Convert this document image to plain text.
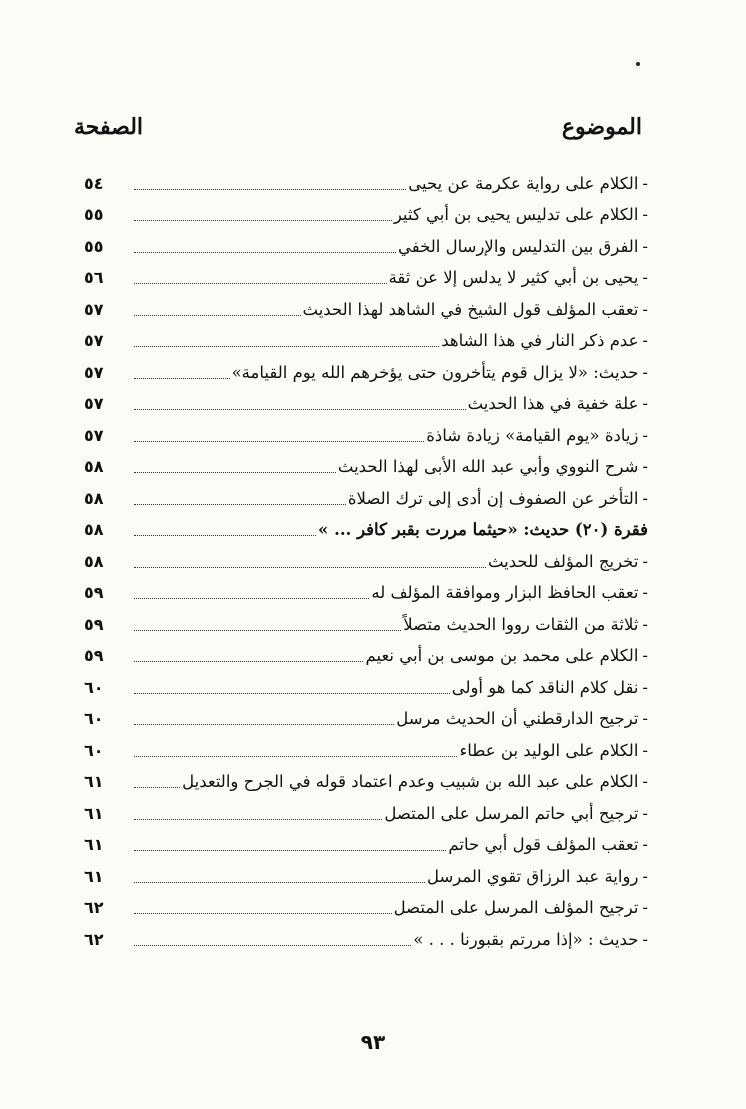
الموضوع
الصفحة
-الكلام على رواية عكرمة عن يحيى
٥٤
-الكلام على تدليس يحيى بن أبي كثير
٥٥
-الفرق بين التدليس والإرسال الخفي
٥٥
-يحيى بن أبي كثير لا يدلس إلا عن ثقة
٥٦
-تعقب المؤلف قول الشيخ في الشاهد لهذا الحديث
٥٧
-عدم ذكر النار في هذا الشاهد
٥٧
-حديث: «لا يزال قوم يتأخرون حتى يؤخرهم الله يوم القيامة»
٥٧
-علة خفية في هذا الحديث
٥٧
-زيادة «يوم القيامة» زيادة شاذة
٥٧
-شرح النووي وأبي عبد الله الأبى لهذا الحديث
٥٨
-التأخر عن الصفوف إن أدى إلى ترك الصلاة
٥٨
فقرة (٢٠) حديث: «حيثما مررت بقبر كافر ... »
٥٨
-تخريج المؤلف للحديث
٥٨
-تعقب الحافظ البزار وموافقة المؤلف له
٥٩
-ثلاثة من الثقات رووا الحديث متصلاً
٥٩
-الكلام على محمد بن موسى بن أبي نعيم
٥٩
-نقل كلام الناقد كما هو أولى
٦٠
-ترجيح الدارقطني أن الحديث مرسل
٦٠
-الكلام على الوليد بن عطاء
٦٠
-الكلام على عبد الله بن شبيب وعدم اعتماد قوله في الجرح والتعديل
٦١
-ترجيح أبي حاتم المرسل على المتصل
٦١
-تعقب المؤلف قول أبي حاتم
٦١
-رواية عبد الرزاق تقوي المرسل
٦١
-ترجيح المؤلف المرسل على المتصل
٦٢
-حديث : «إذا مررتم بقبورنا . . . »
٦٢
٩٣
